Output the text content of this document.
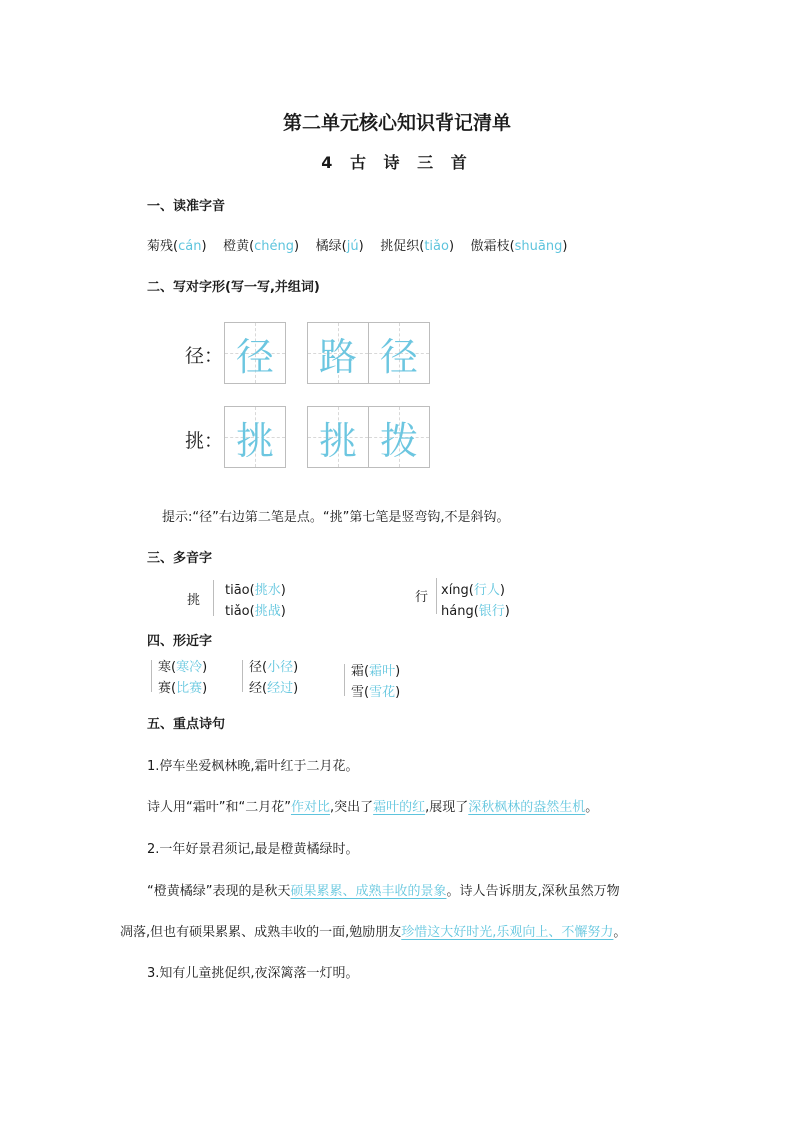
第二单元核心知识背记清单
4 古 诗 三 首
一、读准字音
菊残(cán) 橙黄(chéng) 橘绿(jú) 挑促织(tiǎo) 傲霜枝(shuāng)
二、写对字形(写一写,并组词)
径： 径 路 径
挑： 挑 挑 拨
提示:“径”右边第二笔是点。“挑”第七笔是竖弯钩,不是斜钩。
三、多音字
挑
tiāo(挑水)
tiǎo(挑战)
行 xíng(行人)
háng(银行)
四、形近字
寒(寒冷)
赛(比赛)
径(小径)
经(经过)
霜(霜叶)
雪(雪花)
五、重点诗句
1.停车坐爱枫林晚,霜叶红于二月花。
诗人用“霜叶”和“二月花”作对比,突出了霜叶的红,展现了深秋枫林的盎然生机。
2.一年好景君须记,最是橙黄橘绿时。
“橙黄橘绿”表现的是秋天硕果累累、成熟丰收的景象。诗人告诉朋友,深秋虽然万物
凋落,但也有硕果累累、成熟丰收的一面,勉励朋友珍惜这大好时光,乐观向上、不懈努力。
3.知有儿童挑促织,夜深篱落一灯明。
